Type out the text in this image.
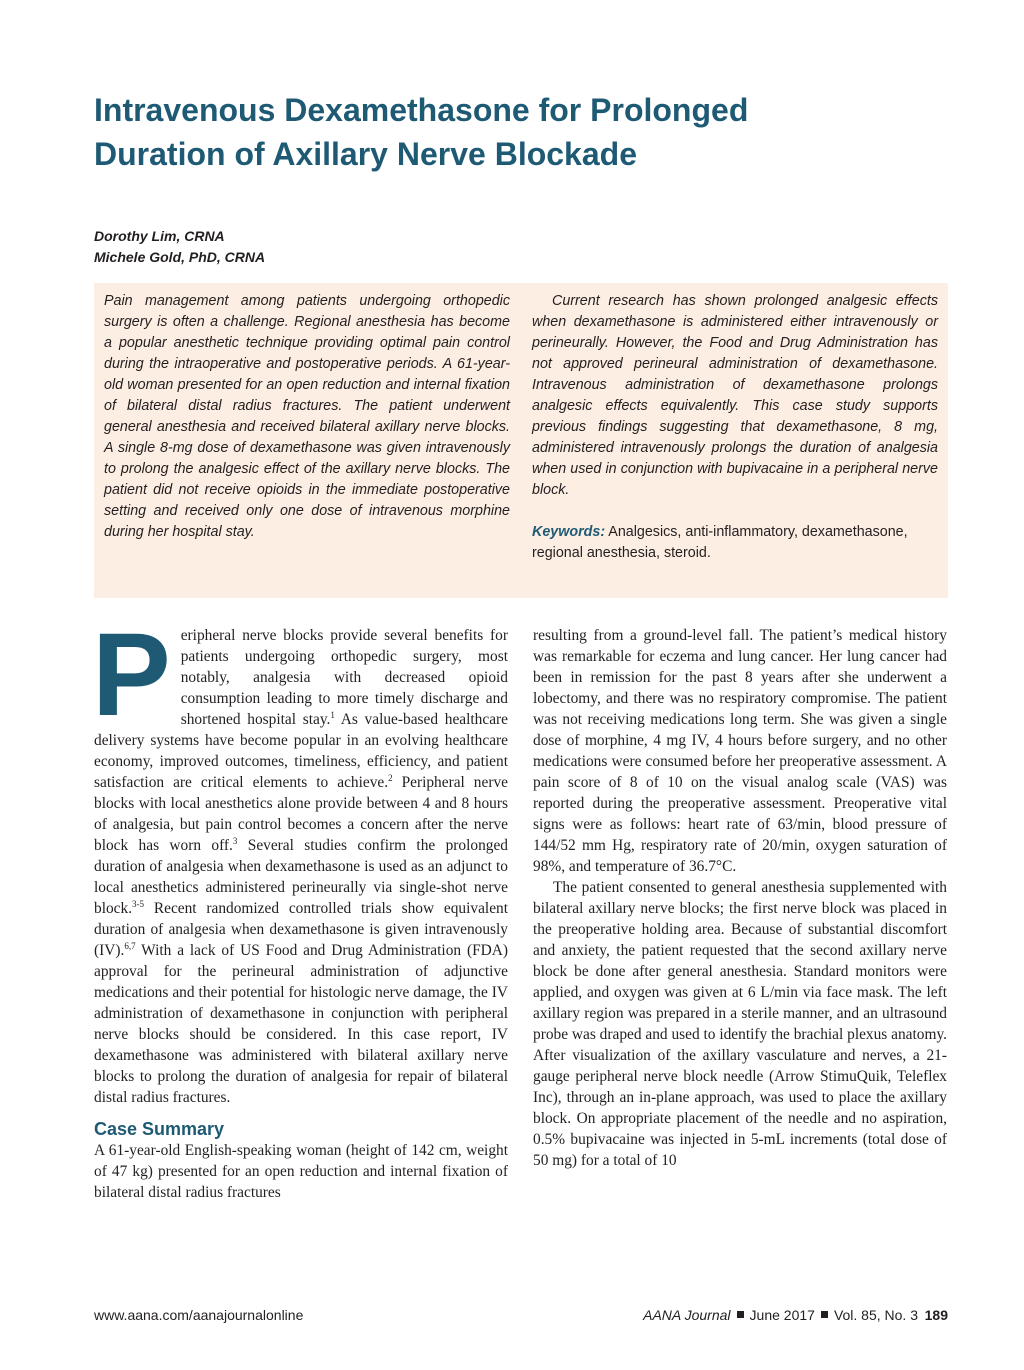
Intravenous Dexamethasone for Prolonged
Duration of Axillary Nerve Blockade
Dorothy Lim, CRNA
Michele Gold, PhD, CRNA

Pain management among patients undergoing orthopedic surgery is often a challenge. Regional anesthesia has become a popular anesthetic technique providing optimal pain control during the intraoperative and postoperative periods. A 61-year-old woman presented for an open reduction and internal fixation of bilateral distal radius fractures. The patient underwent general anesthesia and received bilateral axillary nerve blocks. A single 8-mg dose of dexamethasone was given intravenously to prolong the analgesic effect of the axillary nerve blocks. The patient did not receive opioids in the immediate postoperative setting and received only one dose of intravenous morphine during her hospital stay.

Current research has shown prolonged analgesic effects when dexamethasone is administered either intravenously or perineurally. However, the Food and Drug Administration has not approved perineural administration of dexamethasone. Intravenous administration of dexamethasone prolongs analgesic effects equivalently. This case study supports previous findings suggesting that dexamethasone, 8 mg, administered intravenously prolongs the duration of analgesia when used in conjunction with bupivacaine in a peripheral nerve block.

Keywords: Analgesics, anti-inflammatory, dexamethasone, regional anesthesia, steroid.

Peripheral nerve blocks provide several benefits for patients undergoing orthopedic surgery, most notably, analgesia with decreased opioid consumption leading to more timely discharge and shortened hospital stay.$^1$ As value-based healthcare delivery systems have become popular in an evolving healthcare economy, improved outcomes, timeliness, efficiency, and patient satisfaction are critical elements to achieve.$^2$ Peripheral nerve blocks with local anesthetics alone provide between 4 and 8 hours of analgesia, but pain control becomes a concern after the nerve block has worn off.$^3$ Several studies confirm the prolonged duration of analgesia when dexamethasone is used as an adjunct to local anesthetics administered perineurally via single-shot nerve block.$^{3-5}$ Recent randomized controlled trials show equivalent duration of analgesia when dexamethasone is given intravenously (IV).$^{6,7}$ With a lack of US Food and Drug Administration (FDA) approval for the perineural administration of adjunctive medications and their potential for histologic nerve damage, the IV administration of dexamethasone in conjunction with peripheral nerve blocks should be considered. In this case report, IV dexamethasone was administered with bilateral axillary nerve blocks to prolong the duration of analgesia for repair of bilateral distal radius fractures.

Case Summary

A 61-year-old English-speaking woman (height of 142 cm, weight of 47 kg) presented for an open reduction and internal fixation of bilateral distal radius fractures

resulting from a ground-level fall. The patient’s medical history was remarkable for eczema and lung cancer. Her lung cancer had been in remission for the past 8 years after she underwent a lobectomy, and there was no respiratory compromise. The patient was not receiving medications long term. She was given a single dose of morphine, 4 mg IV, 4 hours before surgery, and no other medications were consumed before her preoperative assessment. A pain score of 8 of 10 on the visual analog scale (VAS) was reported during the preoperative assessment. Preoperative vital signs were as follows: heart rate of 63/min, blood pressure of 144/52 mm Hg, respiratory rate of 20/min, oxygen saturation of 98%, and temperature of 36.7°C.

The patient consented to general anesthesia supplemented with bilateral axillary nerve blocks; the first nerve block was placed in the preoperative holding area. Because of substantial discomfort and anxiety, the patient requested that the second axillary nerve block be done after general anesthesia. Standard monitors were applied, and oxygen was given at 6 L/min via face mask. The left axillary region was prepared in a sterile manner, and an ultrasound probe was draped and used to identify the brachial plexus anatomy. After visualization of the axillary vasculature and nerves, a 21-gauge peripheral nerve block needle (Arrow StimuQuik, Teleflex Inc), through an in-plane approach, was used to place the axillary block. On appropriate placement of the needle and no aspiration, 0.5% bupivacaine was injected in 5-mL increments (total dose of 50 mg) for a total of 10

www.aana.com/aanajournalonline	AANA Journal June 2017 Vol. 85, No. 3 189
